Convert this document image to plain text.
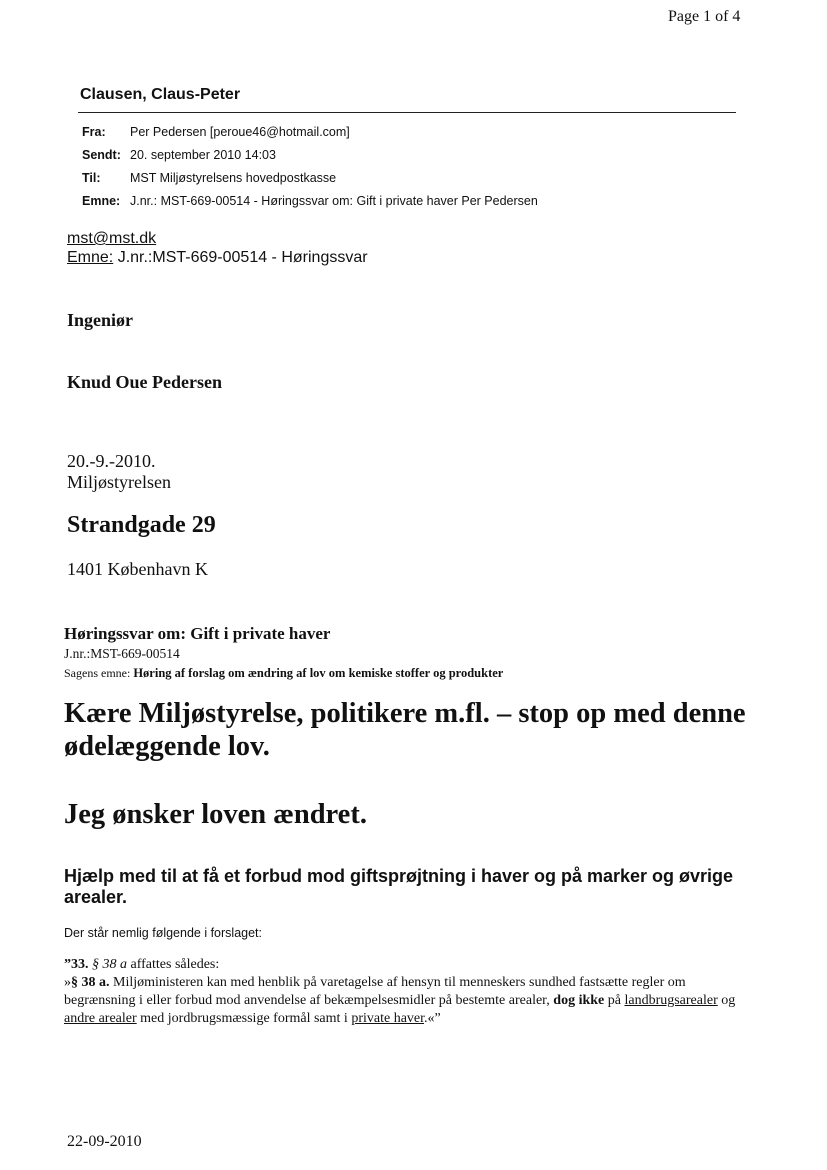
Page 1 of 4
Clausen, Claus-Peter
Fra: Per Pedersen [peroue46@hotmail.com]
Sendt: 20. september 2010 14:03
Til: MST Miljøstyrelsens hovedpostkasse
Emne: J.nr.: MST-669-00514 - Høringssvar om: Gift i private haver Per Pedersen
mst@mst.dk
Emne: J.nr.:MST-669-00514 - Høringssvar
Ingeniør
Knud Oue Pedersen
20.-9.-2010.
Miljøstyrelsen
Strandgade 29
1401 København K
Høringssvar om: Gift i private haver
J.nr.:MST-669-00514
Sagens emne: Høring af forslag om ændring af lov om kemiske stoffer og produkter
Kære Miljøstyrelse, politikere m.fl. – stop op med denne ødelæggende lov.
Jeg ønsker loven ændret.
Hjælp med til at få et forbud mod giftsprøjtning i haver og på marker og øvrige arealer.
Der står nemlig følgende i forslaget:
”33. § 38 a affattes således:
»§ 38 a. Miljøministeren kan med henblik på varetagelse af hensyn til menneskers sundhed fastsætte regler om begrænsning i eller forbud mod anvendelse af bekæmpelsesmidler på bestemte arealer, dog ikke på landbrugsarealer og andre arealer med jordbrugsmæssige formål samt i private haver.«”
22-09-2010
